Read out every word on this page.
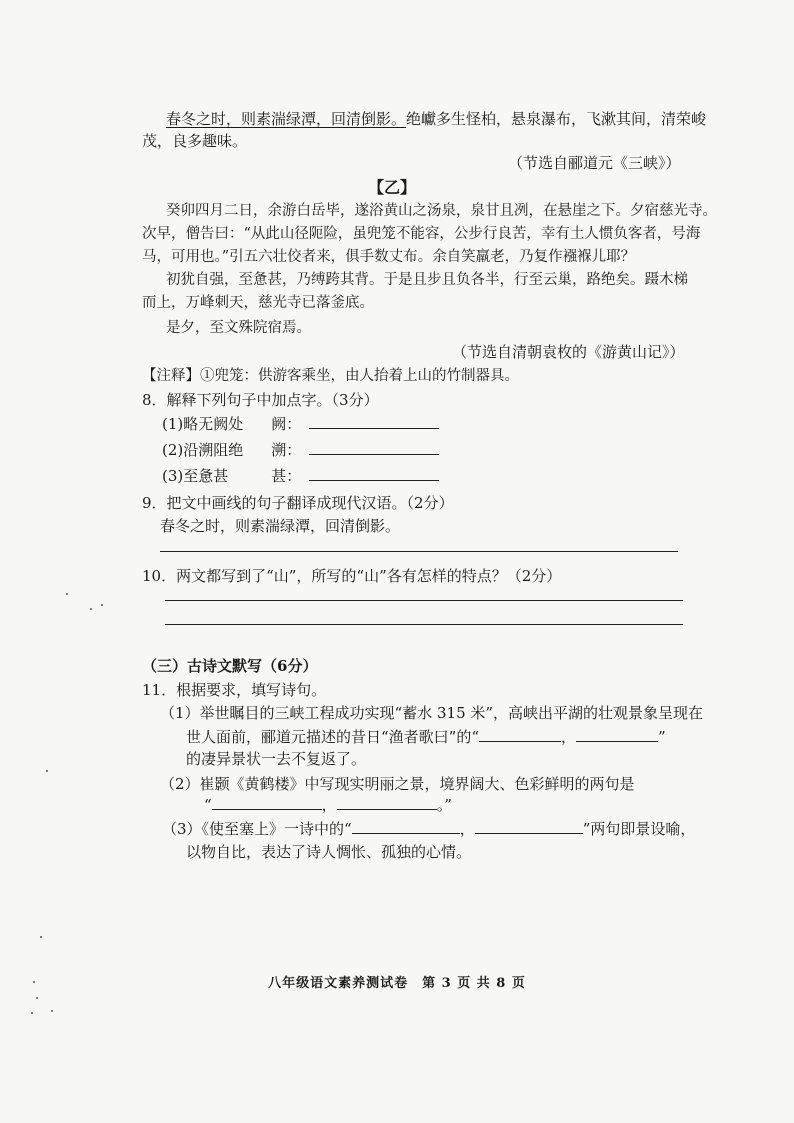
春冬之时，则素湍绿潭，回清倒影。绝巘多生怪柏，悬泉瀑布，飞漱其间，清荣峻
茂，良多趣味。
（节选自郦道元《三峡》）
【乙】
癸卯四月二日，余游白岳毕，遂浴黄山之汤泉，泉甘且冽，在悬崖之下。夕宿慈光寺。
次早，僧告曰：“从此山径阨险，虽兜笼不能容，公步行良苦，幸有土人惯负客者，号海
马，可用也。”引五六壮佼者来，俱手数丈布。余自笑羸老，乃复作襁褓儿耶？
初犹自强，至惫甚，乃缚跨其背。于是且步且负各半，行至云巢，路绝矣。蹑木梯
而上，万峰刺天，慈光寺已落釜底。
是夕，至文殊院宿焉。
（节选自清朝袁枚的《游黄山记》）
【注释】①兜笼：供游客乘坐，由人抬着上山的竹制器具。
8．解释下列句子中加点字。（3分）
(1)略无阙处 阙：
(2)沿溯阻绝 溯：
(3)至惫甚	甚：
9．把文中画线的句子翻译成现代汉语。（2分）
春冬之时，则素湍绿潭，回清倒影。
10．两文都写到了“山”，所写的“山”各有怎样的特点？（2分）
（三）古诗文默写（6分）
11．根据要求，填写诗句。
（1）举世瞩目的三峡工程成功实现“蓄水 315 米”，高峡出平湖的壮观景象呈现在
世人面前，郦道元描述的昔日“渔者歌曰”的“	，	”
的凄异景状一去不复返了。
（2）崔颢《黄鹤楼》中写现实明丽之景，境界阔大、色彩鲜明的两句是
“	，	。”
（3）《使至塞上》一诗中的“	，	”两句即景设喻，
以物自比，表达了诗人惆怅、孤独的心情。
八年级语文素养测试卷　第 3 页 共 8 页
